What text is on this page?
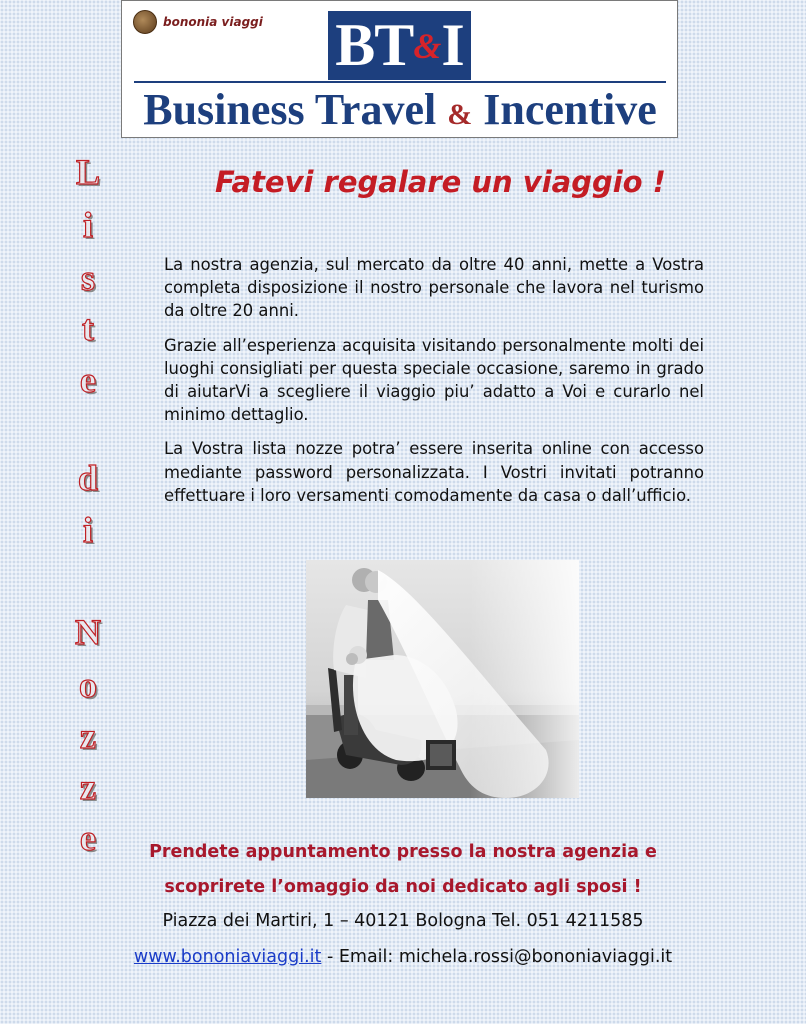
bononia viaggi BT & I
Business Travel & Incentive
L
i
s
t
e
d
i
N
o
z
z
e
Fatevi regalare un viaggio !

La nostra agenzia, sul mercato da oltre 40 anni, mette a Vostra completa disposizione il nostro personale che lavora nel turismo da oltre 20 anni.

Grazie all’esperienza acquisita visitando personalmente molti dei luoghi consigliati per questa speciale occasione, saremo in grado di aiutarVi a scegliere il viaggio piu’ adatto a Voi e curarlo nel minimo dettaglio.

La Vostra lista nozze potra’ essere inserita online con accesso mediante password personalizzata. I Vostri invitati potranno effettuare i loro versamenti comodamente da casa o dall’ufficio.

Prendete appuntamento presso la nostra agenzia e
scoprirete l’omaggio da noi dedicato agli sposi !
Piazza dei Martiri, 1 – 40121 Bologna Tel. 051 4211585
www.bononiaviaggi.it - Email: michela.rossi@bononiaviaggi.it
